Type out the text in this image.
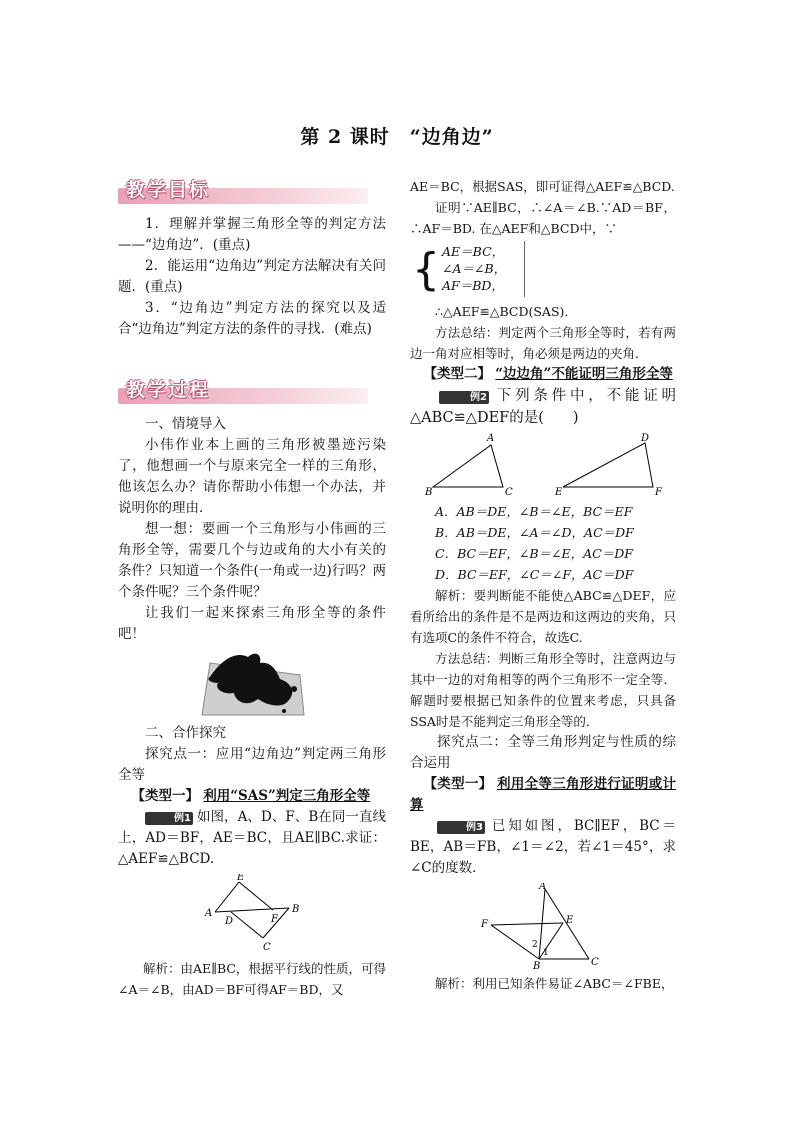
第 2 课时　“边角边”
教学目标

1．理解并掌握三角形全等的判定方法——“边角边”．(重点)

2．能运用“边角边”判定方法解决有关问题．(重点)

3．“边角边”判定方法的探究以及适合“边角边”判定方法的条件的寻找．(难点)

教学过程

一、情境导入

小伟作业本上画的三角形被墨迹污染了，他想画一个与原来完全一样的三角形，他该怎么办？请你帮助小伟想一个办法，并说明你的理由．

想一想：要画一个三角形与小伟画的三角形全等，需要几个与边或角的大小有关的条件？只知道一个条件(一角或一边)行吗？两个条件呢？三个条件呢？

让我们一起来探索三角形全等的条件吧！

二、合作探究

探究点一：应用“边角边”判定两三角形全等

【类型一】 利用“SAS”判定三角形全等

例1 如图，A、D、F、B在同一直线上，AD＝BF，AE＝BC，且AE∥BC.求证：△AEF≌△BCD.

E
A
D	F
B
C

解析：由AE∥BC，根据平行线的性质，可得∠A＝∠B，由AD＝BF可得AF＝BD，又

AE＝BC，根据SAS，即可证得△AEF≌△BCD.

证明∵AE∥BC，∴∠A＝∠B.∵AD＝BF，∴AF＝BD. 在△AEF和△BCD中，∵

{ AE＝BC，
∠A＝∠B，
AF＝BD，

∴△AEF≌△BCD(SAS)．

方法总结：判定两个三角形全等时，若有两边一角对应相等时，角必须是两边的夹角．

【类型二】 “边边角”不能证明三角形全等

例2 下列条件中，不能证明△ABC≌△DEF的是(　　)

A
B	C
D
E	F

A．AB＝DE，∠B＝∠E，BC＝EF

B．AB＝DE，∠A＝∠D，AC＝DF

C．BC＝EF，∠B＝∠E，AC＝DF

D．BC＝EF，∠C＝∠F，AC＝DF

解析：要判断能不能使△ABC≌△DEF，应看所给出的条件是不是两边和这两边的夹角，只有选项C的条件不符合，故选C.

方法总结：判断三角形全等时，注意两边与其中一边的对角相等的两个三角形不一定全等．解题时要根据已知条件的位置来考虑，只具备SSA时是不能判定三角形全等的．

探究点二：全等三角形判定与性质的综合运用

【类型一】 利用全等三角形进行证明或计算

例3 已知如图，BC∥EF，BC＝BE，AB＝FB，∠1＝∠2，若∠1＝45°，求∠C的度数．

A
F	E
2
1
B	C

解析：利用已知条件易证∠ABC＝∠FBE，
